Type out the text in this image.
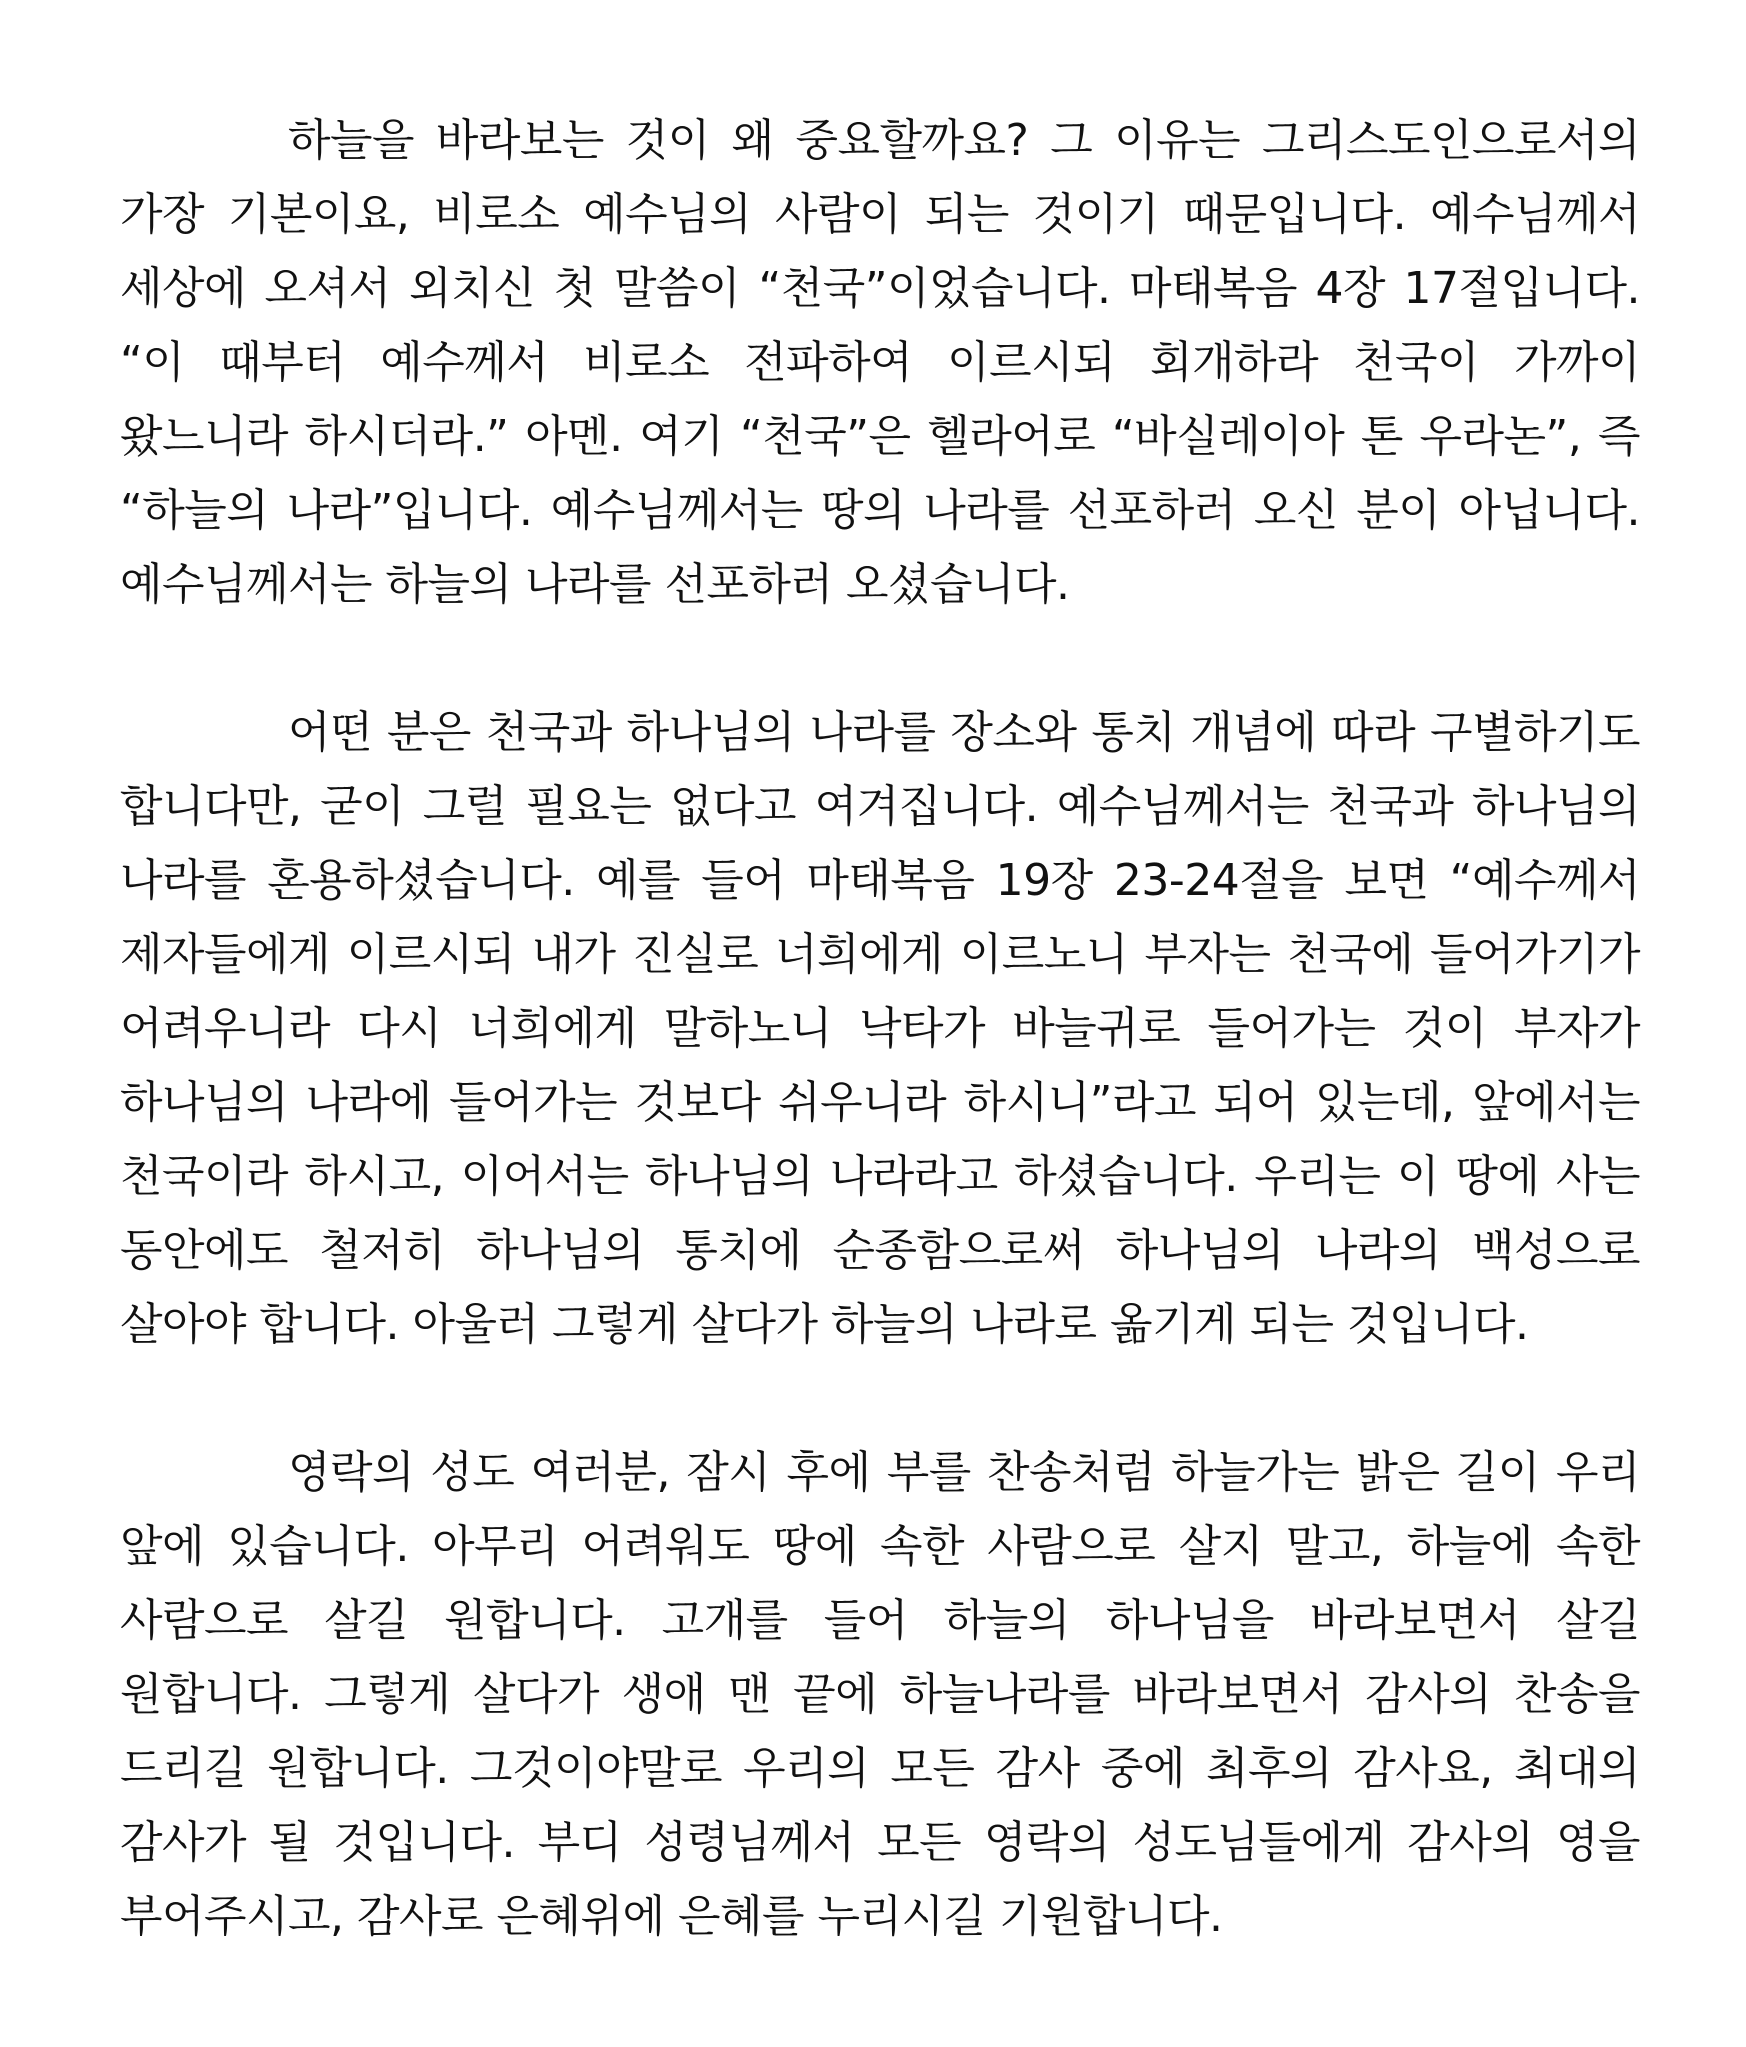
하늘을 바라보는 것이 왜 중요할까요? 그 이유는 그리스도인으로서의 가장 기본이요, 비로소 예수님의 사람이 되는 것이기 때문입니다. 예수님께서 세상에 오셔서 외치신 첫 말씀이 “천국”이었습니다. 마태복음 4장 17절입니다. “이 때부터 예수께서 비로소 전파하여 이르시되 회개하라 천국이 가까이 왔느니라 하시더라.” 아멘. 여기 “천국”은 헬라어로 “바실레이아 톤 우라논”, 즉 “하늘의 나라”입니다. 예수님께서는 땅의 나라를 선포하러 오신 분이 아닙니다. 예수님께서는 하늘의 나라를 선포하러 오셨습니다.

어떤 분은 천국과 하나님의 나라를 장소와 통치 개념에 따라 구별하기도 합니다만, 굳이 그럴 필요는 없다고 여겨집니다. 예수님께서는 천국과 하나님의 나라를 혼용하셨습니다. 예를 들어 마태복음 19장 23-24절을 보면 “예수께서 제자들에게 이르시되 내가 진실로 너희에게 이르노니 부자는 천국에 들어가기가 어려우니라 다시 너희에게 말하노니 낙타가 바늘귀로 들어가는 것이 부자가 하나님의 나라에 들어가는 것보다 쉬우니라 하시니”라고 되어 있는데, 앞에서는 천국이라 하시고, 이어서는 하나님의 나라라고 하셨습니다. 우리는 이 땅에 사는 동안에도 철저히 하나님의 통치에 순종함으로써 하나님의 나라의 백성으로 살아야 합니다. 아울러 그렇게 살다가 하늘의 나라로 옮기게 되는 것입니다.

영락의 성도 여러분, 잠시 후에 부를 찬송처럼 하늘가는 밝은 길이 우리 앞에 있습니다. 아무리 어려워도 땅에 속한 사람으로 살지 말고, 하늘에 속한 사람으로 살길 원합니다. 고개를 들어 하늘의 하나님을 바라보면서 살길 원합니다. 그렇게 살다가 생애 맨 끝에 하늘나라를 바라보면서 감사의 찬송을 드리길 원합니다. 그것이야말로 우리의 모든 감사 중에 최후의 감사요, 최대의 감사가 될 것입니다. 부디 성령님께서 모든 영락의 성도님들에게 감사의 영을 부어주시고, 감사로 은혜위에 은혜를 누리시길 기원합니다.
